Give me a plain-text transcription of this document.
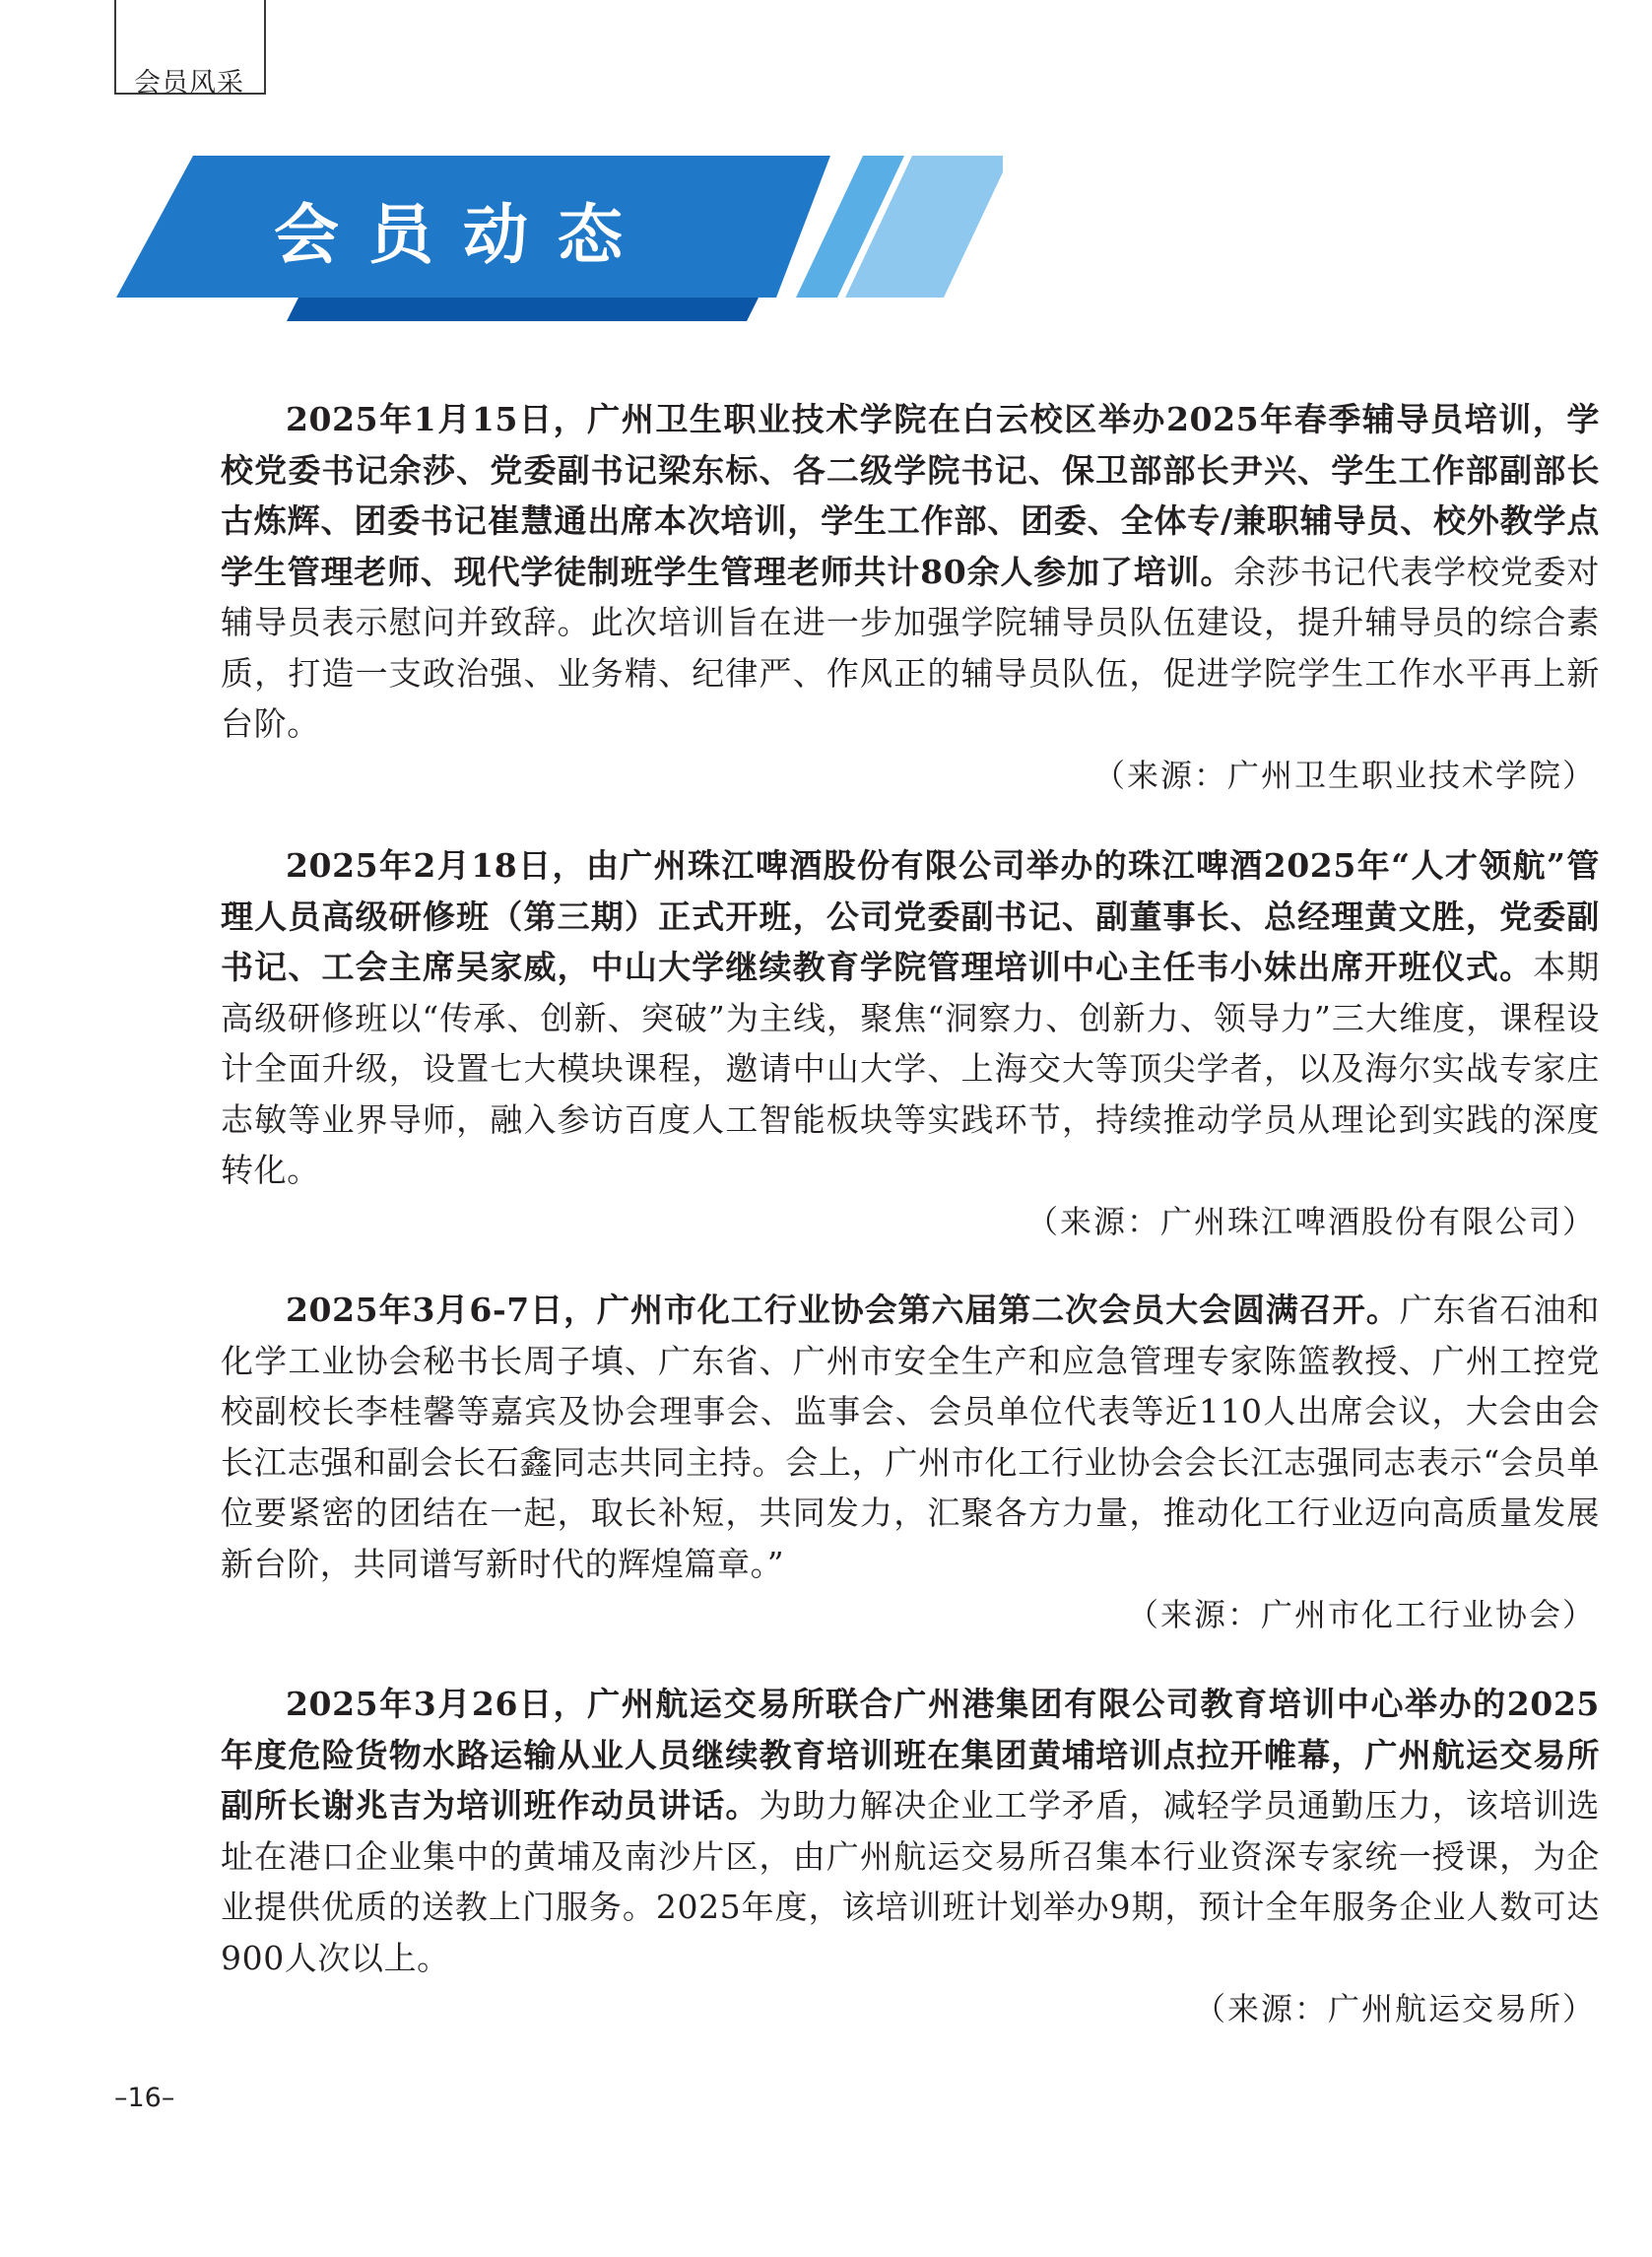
会员风采
会员动态

2025年1月15日，广州卫生职业技术学院在白云校区举办2025年春季辅导员培训，学校党委书记余莎、党委副书记梁东标、各二级学院书记、保卫部部长尹兴、学生工作部副部长古炼辉、团委书记崔慧通出席本次培训，学生工作部、团委、全体专/兼职辅导员、校外教学点学生管理老师、现代学徒制班学生管理老师共计80余人参加了培训。余莎书记代表学校党委对辅导员表示慰问并致辞。此次培训旨在进一步加强学院辅导员队伍建设，提升辅导员的综合素质，打造一支政治强、业务精、纪律严、作风正的辅导员队伍，促进学院学生工作水平再上新台阶。

（来源：广州卫生职业技术学院）

2025年2月18日，由广州珠江啤酒股份有限公司举办的珠江啤酒2025年“人才领航”管理人员高级研修班（第三期）正式开班，公司党委副书记、副董事长、总经理黄文胜，党委副书记、工会主席吴家威，中山大学继续教育学院管理培训中心主任韦小妹出席开班仪式。本期高级研修班以“传承、创新、突破”为主线，聚焦“洞察力、创新力、领导力”三大维度，课程设计全面升级，设置七大模块课程，邀请中山大学、上海交大等顶尖学者，以及海尔实战专家庄志敏等业界导师，融入参访百度人工智能板块等实践环节，持续推动学员从理论到实践的深度转化。

（来源：广州珠江啤酒股份有限公司）

2025年3月6-7日，广州市化工行业协会第六届第二次会员大会圆满召开。广东省石油和化学工业协会秘书长周子填、广东省、广州市安全生产和应急管理专家陈篮教授、广州工控党校副校长李桂馨等嘉宾及协会理事会、监事会、会员单位代表等近110人出席会议，大会由会长江志强和副会长石鑫同志共同主持。会上，广州市化工行业协会会长江志强同志表示“会员单位要紧密的团结在一起，取长补短，共同发力，汇聚各方力量，推动化工行业迈向高质量发展新台阶，共同谱写新时代的辉煌篇章。”

（来源：广州市化工行业协会）

2025年3月26日，广州航运交易所联合广州港集团有限公司教育培训中心举办的2025年度危险货物水路运输从业人员继续教育培训班在集团黄埔培训点拉开帷幕，广州航运交易所副所长谢兆吉为培训班作动员讲话。为助力解决企业工学矛盾，减轻学员通勤压力，该培训选址在港口企业集中的黄埔及南沙片区，由广州航运交易所召集本行业资深专家统一授课，为企业提供优质的送教上门服务。2025年度，该培训班计划举办9期，预计全年服务企业人数可达900人次以上。

（来源：广州航运交易所）

–16–
